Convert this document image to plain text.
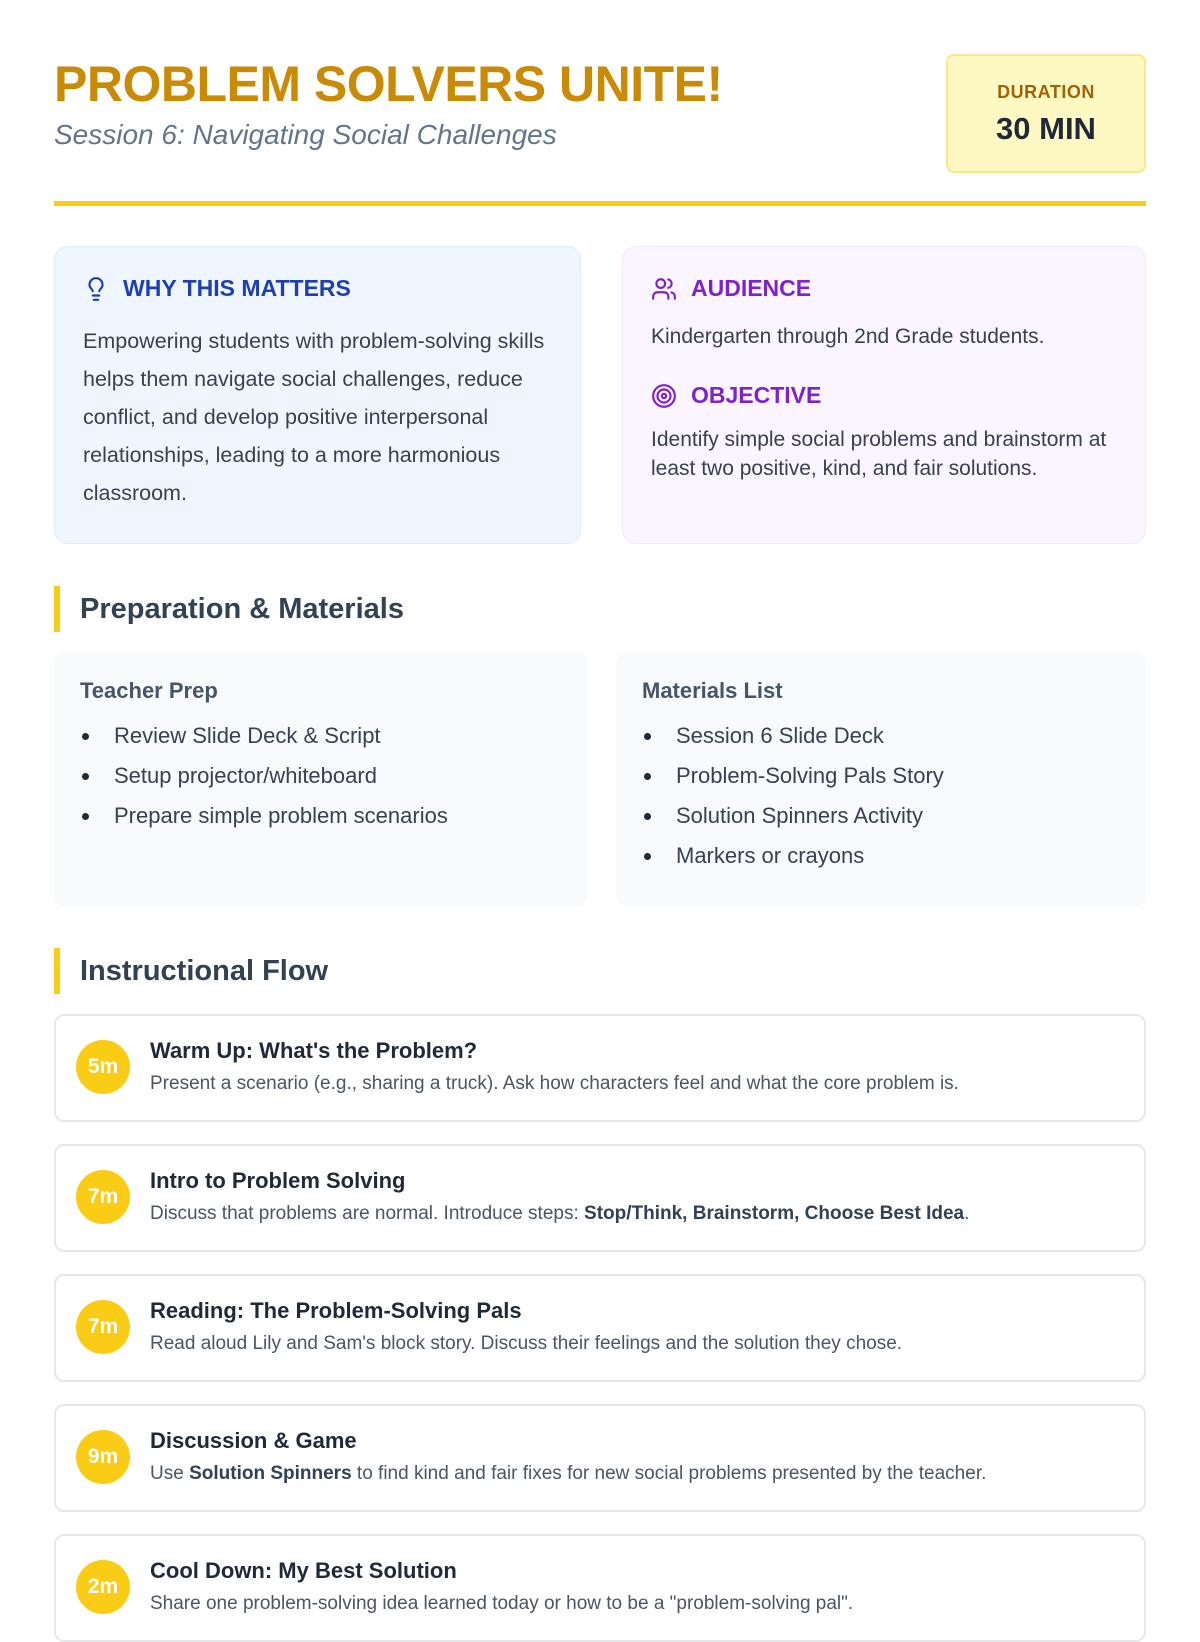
PROBLEM SOLVERS UNITE!
Session 6: Navigating Social Challenges
DURATION
30 MIN
WHY THIS MATTERS

Empowering students with problem-solving skills helps them navigate social challenges, reduce conflict, and develop positive interpersonal relationships, leading to a more harmonious classroom.

AUDIENCE

Kindergarten through 2nd Grade students.

OBJECTIVE

Identify simple social problems and brainstorm at least two positive, kind, and fair solutions.

Preparation & Materials
Teacher Prep
Review Slide Deck & Script
Setup projector/whiteboard
Prepare simple problem scenarios
Materials List
Session 6 Slide Deck
Problem-Solving Pals Story
Solution Spinners Activity
Markers or crayons
Instructional Flow
5m
Warm Up: What's the Problem?
Present a scenario (e.g., sharing a truck). Ask how characters feel and what the core problem is.
7m
Intro to Problem Solving
Discuss that problems are normal. Introduce steps: Stop/Think, Brainstorm, Choose Best Idea.
7m
Reading: The Problem-Solving Pals
Read aloud Lily and Sam's block story. Discuss their feelings and the solution they chose.
9m
Discussion & Game
Use Solution Spinners to find kind and fair fixes for new social problems presented by the teacher.
2m
Cool Down: My Best Solution
Share one problem-solving idea learned today or how to be a "problem-solving pal".
